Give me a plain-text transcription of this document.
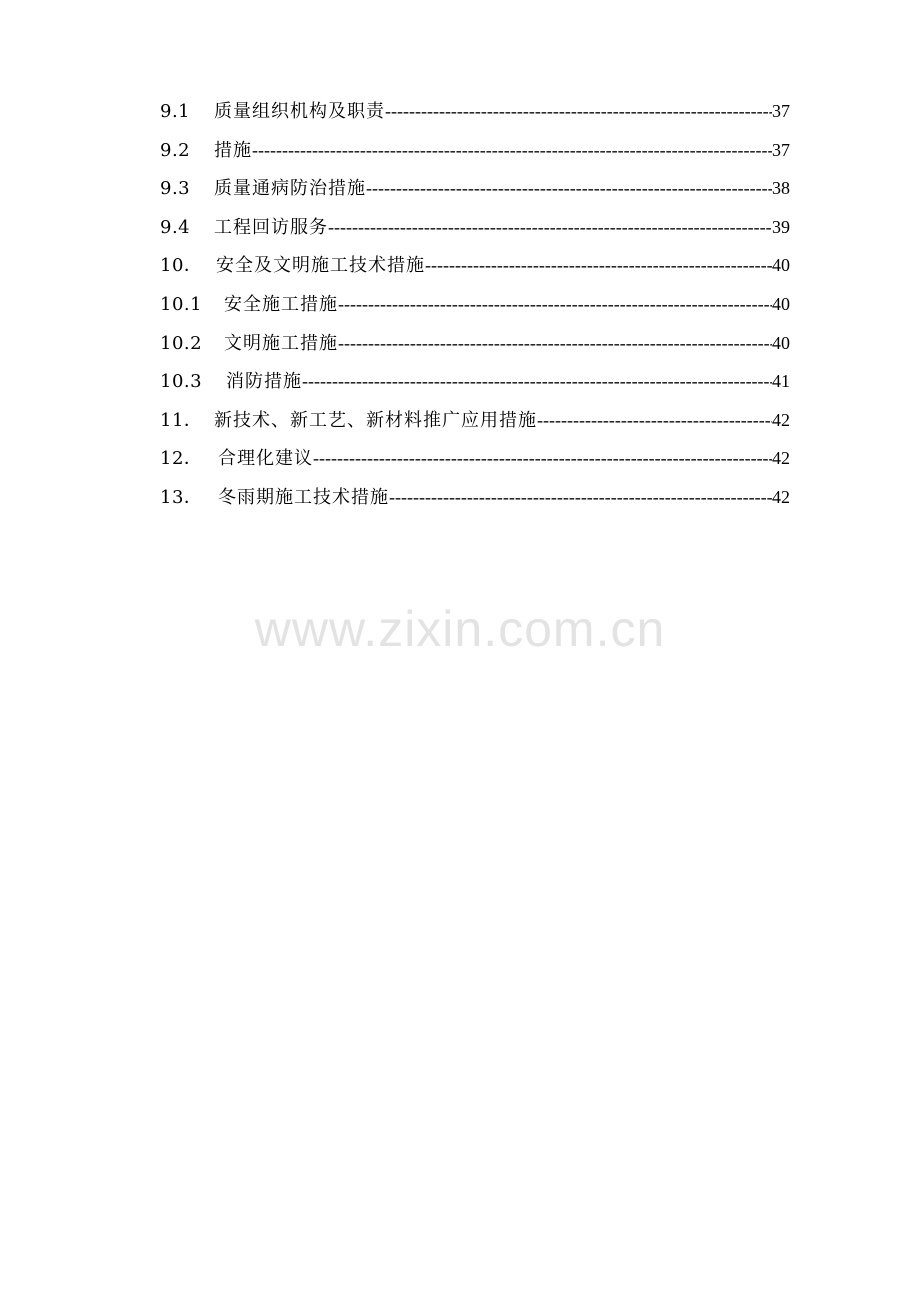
9.1	质量组织机构及职责 -----	37
9.2	措施 -----	37
9.3	质量通病防治措施 -----	38
9.4	工程回访服务 -----	39
10． 安全及文明施工技术措施 -----	40
10.1	安全施工措施 -----	40
10.2	文明施工措施 -----	40
10.3	消防措施 -----	41
11． 新技术、新工艺、新材料推广应用措施 -----	42
12． 合理化建议 -----	42
13． 冬雨期施工技术措施 -----	42
www.zixin.com.cn
